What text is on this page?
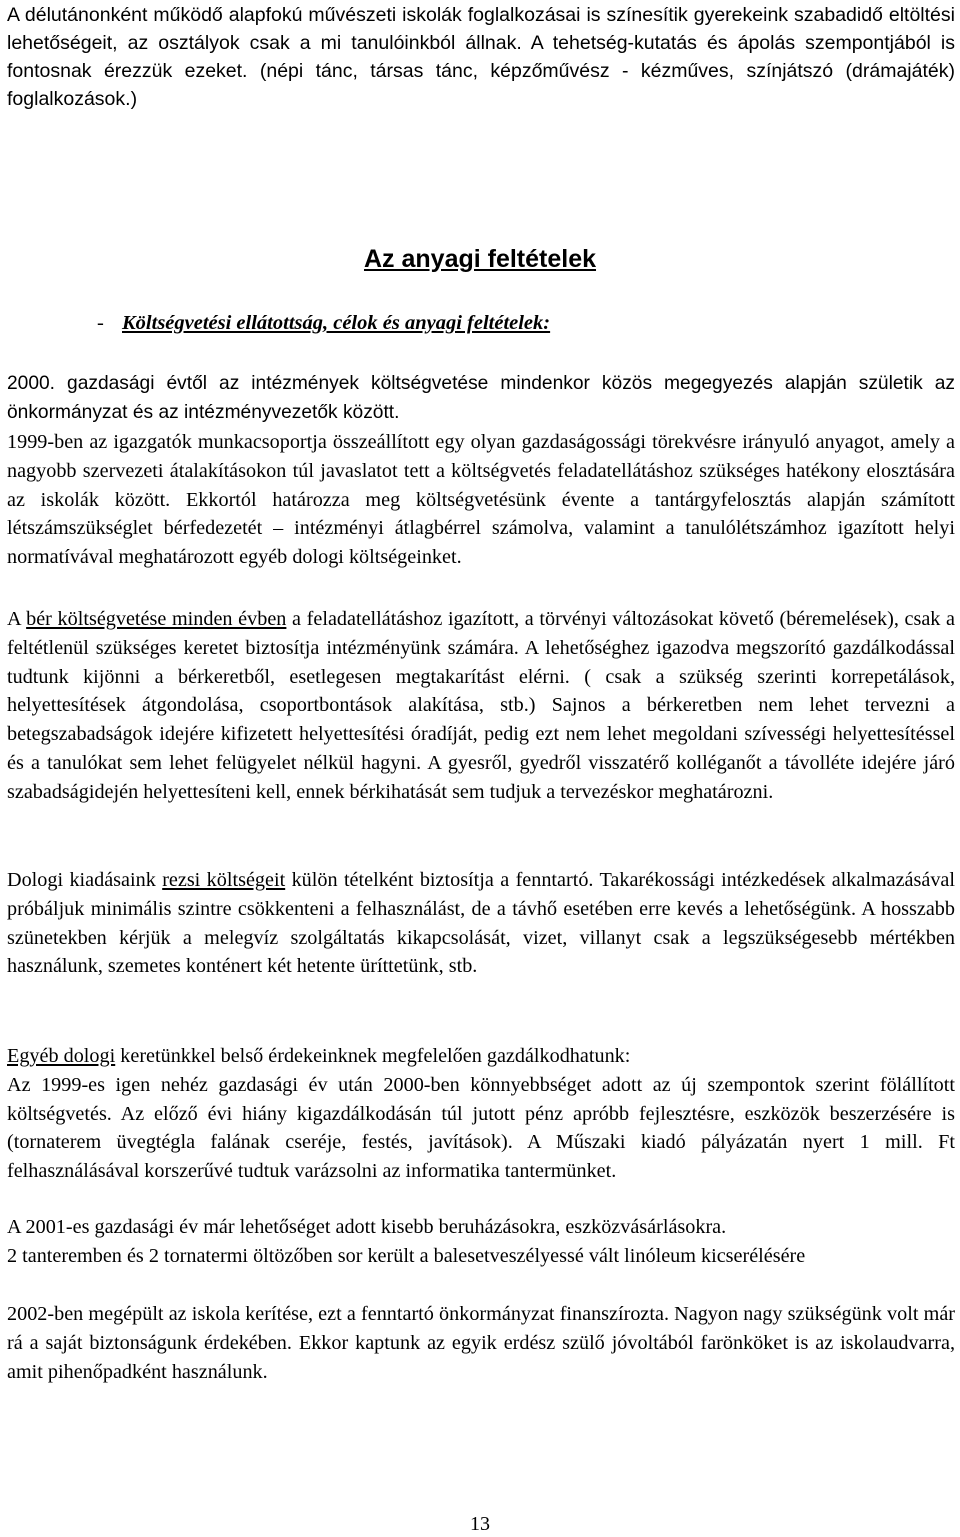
A délutánonként működő alapfokú művészeti iskolák foglalkozásai is színesítik gyerekeink szabadidő eltöltési lehetőségeit, az osztályok csak a mi tanulóinkból állnak. A tehetség-kutatás és ápolás szempontjából is fontosnak érezzük ezeket. (népi tánc, társas tánc, képzőművész - kézműves, színjátszó (drámajáték) foglalkozások.)

Az anyagi feltételek

- Költségvetési ellátottság, célok és anyagi feltételek:

2000. gazdasági évtől az intézmények költségvetése mindenkor közös megegyezés alapján születik az önkormányzat és az intézményvezetők között.

1999-ben az igazgatók munkacsoportja összeállított egy olyan gazdaságossági törekvésre irányuló anyagot, amely a nagyobb szervezeti átalakításokon túl javaslatot tett a költségvetés feladatellátáshoz szükséges hatékony elosztására az iskolák között. Ekkortól határozza meg költségvetésünk évente a tantárgyfelosztás alapján számított létszámszükséglet bérfedezetét – intézményi átlagbérrel számolva, valamint a tanulólétszámhoz igazított helyi normatívával meghatározott egyéb dologi költségeinket.

A bér költségvetése minden évben a feladatellátáshoz igazított, a törvényi változásokat követő (béremelések), csak a feltétlenül szükséges keretet biztosítja intézményünk számára. A lehetőséghez igazodva megszorító gazdálkodással tudtunk kijönni a bérkeretből, esetlegesen megtakarítást elérni. ( csak a szükség szerinti korrepetálások, helyettesítések átgondolása, csoportbontások alakítása, stb.) Sajnos a bérkeretben nem lehet tervezni a betegszabadságok idejére kifizetett helyettesítési óradíját, pedig ezt nem lehet megoldani szívességi helyettesítéssel és a tanulókat sem lehet felügyelet nélkül hagyni. A gyesről, gyedről visszatérő kolléganőt a távolléte idejére járó szabadságidején helyettesíteni kell, ennek bérkihatását sem tudjuk a tervezéskor meghatározni.

Dologi kiadásaink rezsi költségeit külön tételként biztosítja a fenntartó. Takarékossági intézkedések alkalmazásával próbáljuk minimális szintre csökkenteni a felhasználást, de a távhő esetében erre kevés a lehetőségünk. A hosszabb szünetekben kérjük a melegvíz szolgáltatás kikapcsolását, vizet, villanyt csak a legszükségesebb mértékben használunk, szemetes konténert két hetente üríttetünk, stb.

Egyéb dologi keretünkkel belső érdekeinknek megfelelően gazdálkodhatunk:
Az 1999-es igen nehéz gazdasági év után 2000-ben könnyebbséget adott az új szempontok szerint fölállított költségvetés. Az előző évi hiány kigazdálkodásán túl jutott pénz apróbb fejlesztésre, eszközök beszerzésére is (tornaterem üvegtégla falának cseréje, festés, javítások). A Műszaki kiadó pályázatán nyert 1 mill. Ft felhasználásával korszerűvé tudtuk varázsolni az informatika tantermünket.

A 2001-es gazdasági év már lehetőséget adott kisebb beruházásokra, eszközvásárlásokra.

2 tanteremben és 2 tornatermi öltözőben sor került a balesetveszélyessé vált linóleum kicserélésére

2002-ben megépült az iskola kerítése, ezt a fenntartó önkormányzat finanszírozta. Nagyon nagy szükségünk volt már rá a saját biztonságunk érdekében. Ekkor kaptunk az egyik erdész szülő jóvoltából farönköket is az iskolaudvarra, amit pihenőpadként használunk.

13
